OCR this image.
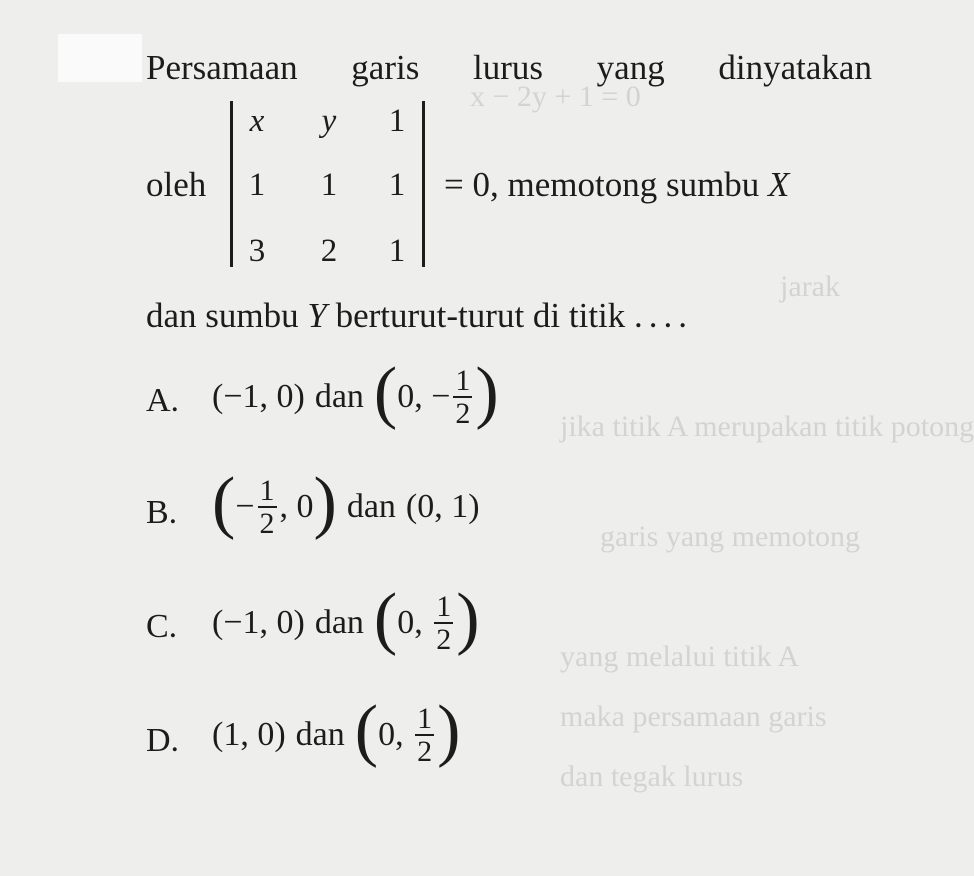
x − 2y + 1 = 0
jarak
jika titik A merupakan titik potong
garis yang memotong
yang melalui titik A
maka persamaan garis
dan tegak lurus
Persamaan garis lurus yang dinyatakan
oleh
x y 1
1 1 1
3 2 1
= 0, memotong sumbu X
dan sumbu Y berturut-turut di titik ....
A. (−1, 0) dan ( 0, − $\frac{1}{2}$ )
B. ( − $\frac{1}{2}$ , 0 ) dan (0, 1)
C. (−1, 0) dan ( 0, $\frac{1}{2}$ )
D. (1, 0) dan ( 0, $\frac{1}{2}$ )
